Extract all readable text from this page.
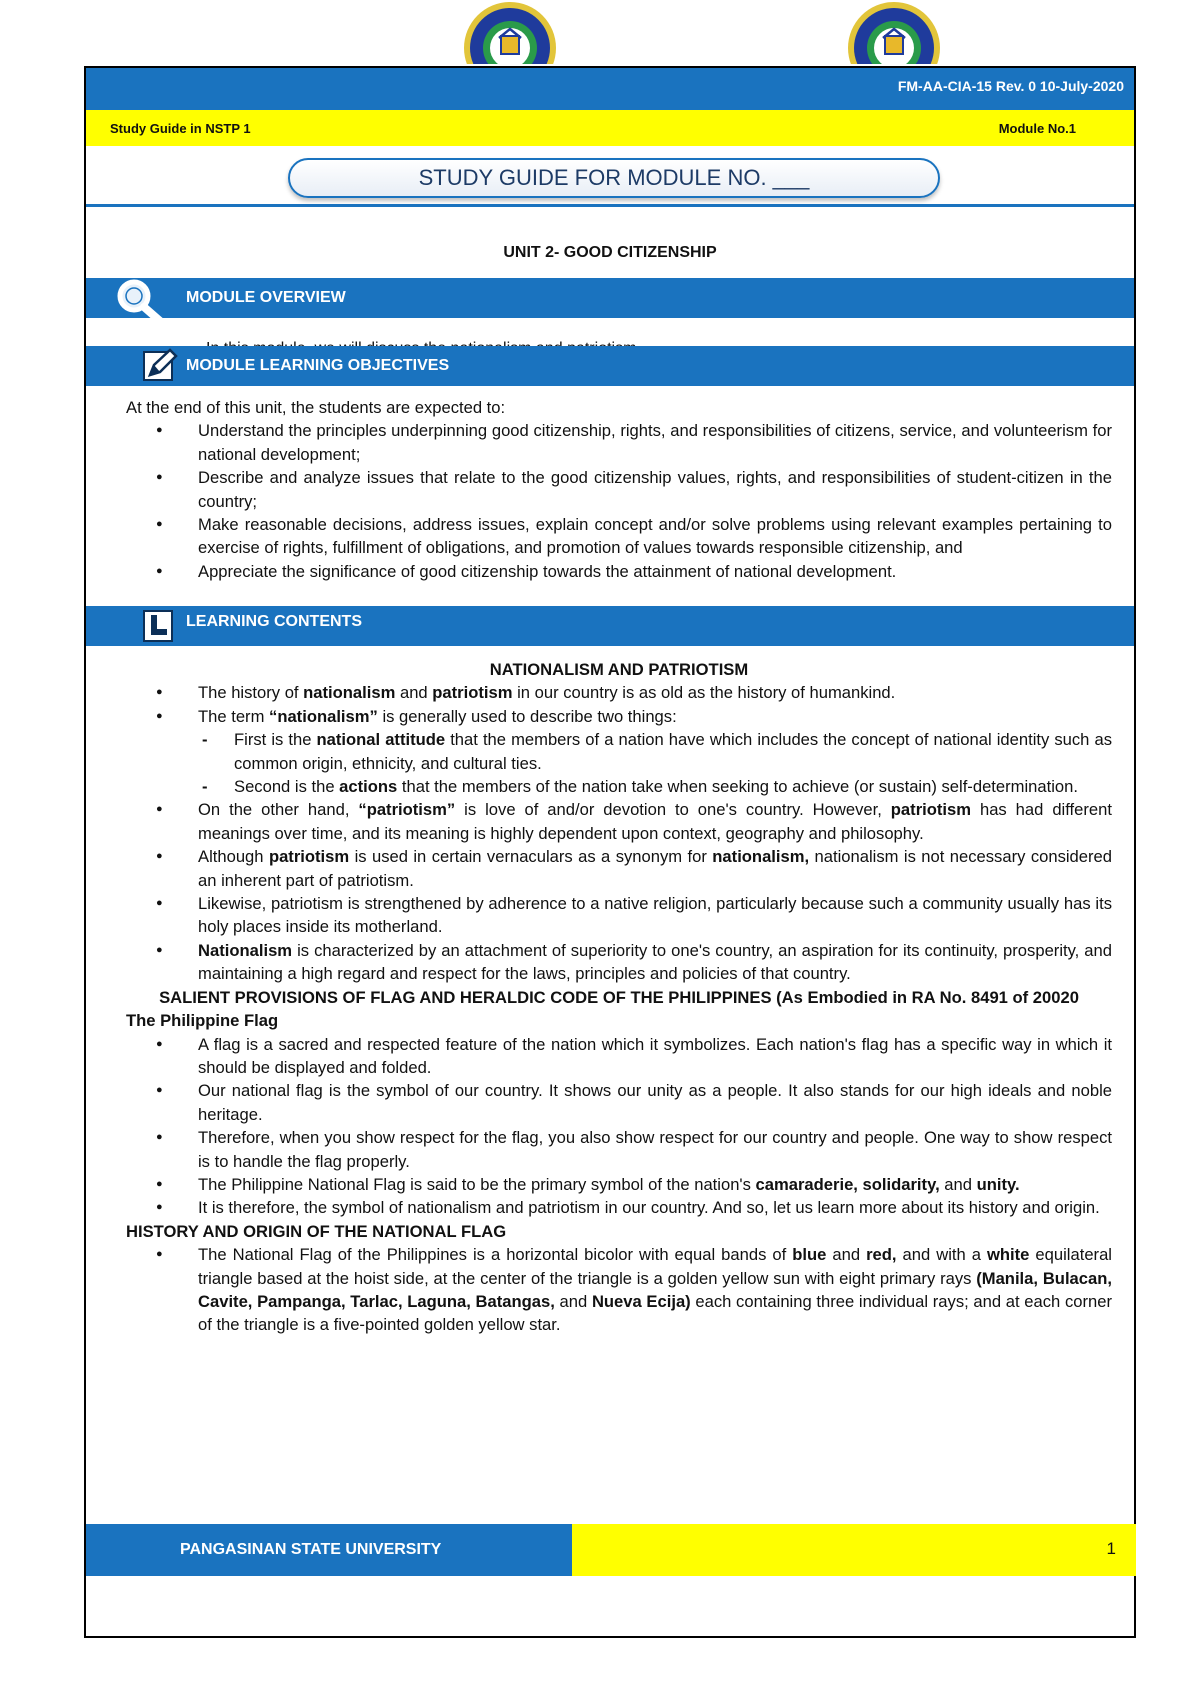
FM-AA-CIA-15 Rev. 0 10-July-2020
Study Guide in NSTP 1	Module No.1
STUDY GUIDE FOR MODULE NO. ___
UNIT 2- GOOD CITIZENSHIP
MODULE OVERVIEW
MODULE LEARNING OBJECTIVES

At the end of this unit, the students are expected to:

● Understand the principles underpinning good citizenship, rights, and responsibilities of citizens, service, and volunteerism for national development;
● Describe and analyze issues that relate to the good citizenship values, rights, and responsibilities of student-citizen in the country;
● Make reasonable decisions, address issues, explain concept and/or solve problems using relevant examples pertaining to exercise of rights, fulfillment of obligations, and promotion of values towards responsible citizenship, and
● Appreciate the significance of good citizenship towards the attainment of national development.
LEARNING CONTENTS
NATIONALISM AND PATRIOTISM
● The history of nationalism and patriotism in our country is as old as the history of humankind.
● The term “nationalism” is generally used to describe two things:
- First is the national attitude that the members of a nation have which includes the concept of national identity such as common origin, ethnicity, and cultural ties.
- Second is the actions that the members of the nation take when seeking to achieve (or sustain) self-determination.
● On the other hand, “patriotism” is love of and/or devotion to one's country. However, patriotism has had different meanings over time, and its meaning is highly dependent upon context, geography and philosophy.
● Although patriotism is used in certain vernaculars as a synonym for nationalism, nationalism is not necessary considered an inherent part of patriotism.
● Likewise, patriotism is strengthened by adherence to a native religion, particularly because such a community usually has its holy places inside its motherland.
● Nationalism is characterized by an attachment of superiority to one's country, an aspiration for its continuity, prosperity, and maintaining a high regard and respect for the laws, principles and policies of that country.
SALIENT PROVISIONS OF FLAG AND HERALDIC CODE OF THE PHILIPPINES (As Embodied in RA No. 8491 of 20020
The Philippine Flag
● A flag is a sacred and respected feature of the nation which it symbolizes. Each nation's flag has a specific way in which it should be displayed and folded.
● Our national flag is the symbol of our country. It shows our unity as a people. It also stands for our high ideals and noble heritage.
● Therefore, when you show respect for the flag, you also show respect for our country and people. One way to show respect is to handle the flag properly.
● The Philippine National Flag is said to be the primary symbol of the nation's camaraderie, solidarity, and unity.
● It is therefore, the symbol of nationalism and patriotism in our country. And so, let us learn more about its history and origin.
HISTORY AND ORIGIN OF THE NATIONAL FLAG
● The National Flag of the Philippines is a horizontal bicolor with equal bands of blue and red, and with a white equilateral triangle based at the hoist side, at the center of the triangle is a golden yellow sun with eight primary rays (Manila, Bulacan, Cavite, Pampanga, Tarlac, Laguna, Batangas, and Nueva Ecija) each containing three individual rays; and at each corner of the triangle is a five-pointed golden yellow star.
PANGASINAN STATE UNIVERSITY	1
